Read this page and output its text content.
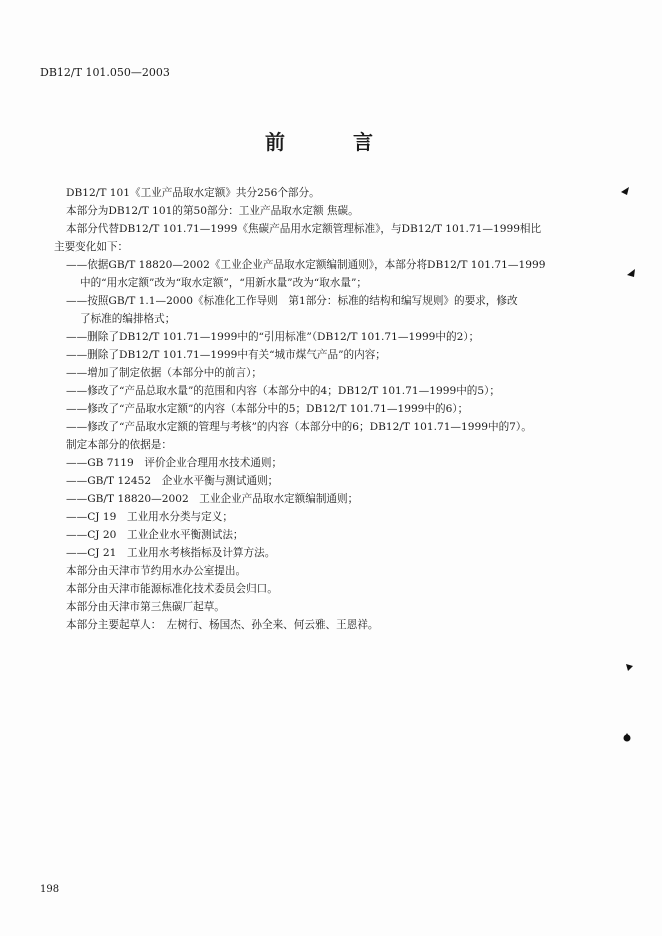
DB12/T 101.050—2003
前　言
DB12/T 101《工业产品取水定额》共分256个部分。
本部分为DB12/T 101的第50部分：工业产品取水定额 焦碳。
本部分代替DB12/T 101.71—1999《焦碳产品用水定额管理标准》，与DB12/T 101.71—1999相比
主要变化如下：
——依据GB/T 18820—2002《工业企业产品取水定额编制通则》，本部分将DB12/T 101.71—1999
中的“用水定额”改为“取水定额”，“用新水量”改为“取水量”；
——按照GB/T 1.1—2000《标准化工作导则　第1部分：标准的结构和编写规则》的要求，修改
了标准的编排格式；
——删除了DB12/T 101.71—1999中的“引用标准”（DB12/T 101.71—1999中的2）；
——删除了DB12/T 101.71—1999中有关“城市煤气产品”的内容；
——增加了制定依据（本部分中的前言）；
——修改了“产品总取水量”的范围和内容（本部分中的4；DB12/T 101.71—1999中的5）；
——修改了“产品取水定额”的内容（本部分中的5；DB12/T 101.71—1999中的6）；
——修改了“产品取水定额的管理与考核”的内容（本部分中的6；DB12/T 101.71—1999中的7）。
制定本部分的依据是：
——GB 7119　评价企业合理用水技术通则；
——GB/T 12452　企业水平衡与测试通则；
——GB/T 18820—2002　工业企业产品取水定额编制通则；
——CJ 19　工业用水分类与定义；
——CJ 20　工业企业水平衡测试法；
——CJ 21　工业用水考核指标及计算方法。
本部分由天津市节约用水办公室提出。
本部分由天津市能源标准化技术委员会归口。
本部分由天津市第三焦碳厂起草。
本部分主要起草人：　左树行、杨国杰、孙全来、何云雅、王恩祥。
198
